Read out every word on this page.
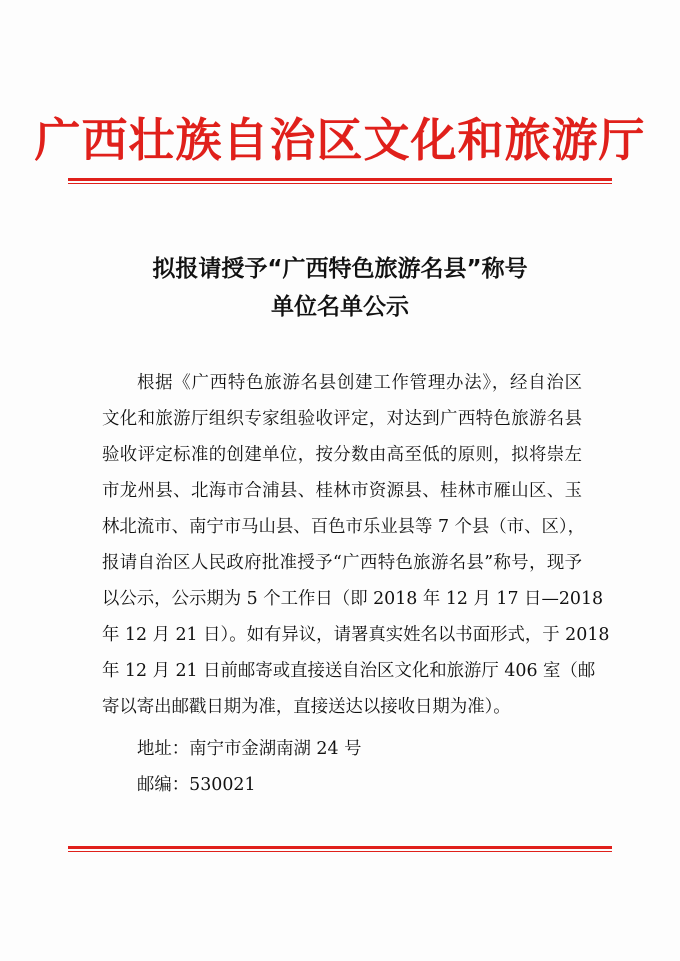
广西壮族自治区文化和旅游厅
拟报请授予“广西特色旅游名县”称号
单位名单公示
根据《广西特色旅游名县创建工作管理办法》，经自治区
文化和旅游厅组织专家组验收评定，对达到广西特色旅游名县
验收评定标准的创建单位，按分数由高至低的原则，拟将崇左
市龙州县、北海市合浦县、桂林市资源县、桂林市雁山区、玉
林北流市、南宁市马山县、百色市乐业县等 7 个县（市、区），
报请自治区人民政府批准授予“广西特色旅游名县”称号，现予
以公示，公示期为 5 个工作日（即 2018 年 12 月 17 日—2018
年 12 月 21 日）。如有异议，请署真实姓名以书面形式，于 2018
年 12 月 21 日前邮寄或直接送自治区文化和旅游厅 406 室（邮
寄以寄出邮戳日期为准，直接送达以接收日期为准）。
地址：南宁市金湖南湖 24 号
邮编：530021
